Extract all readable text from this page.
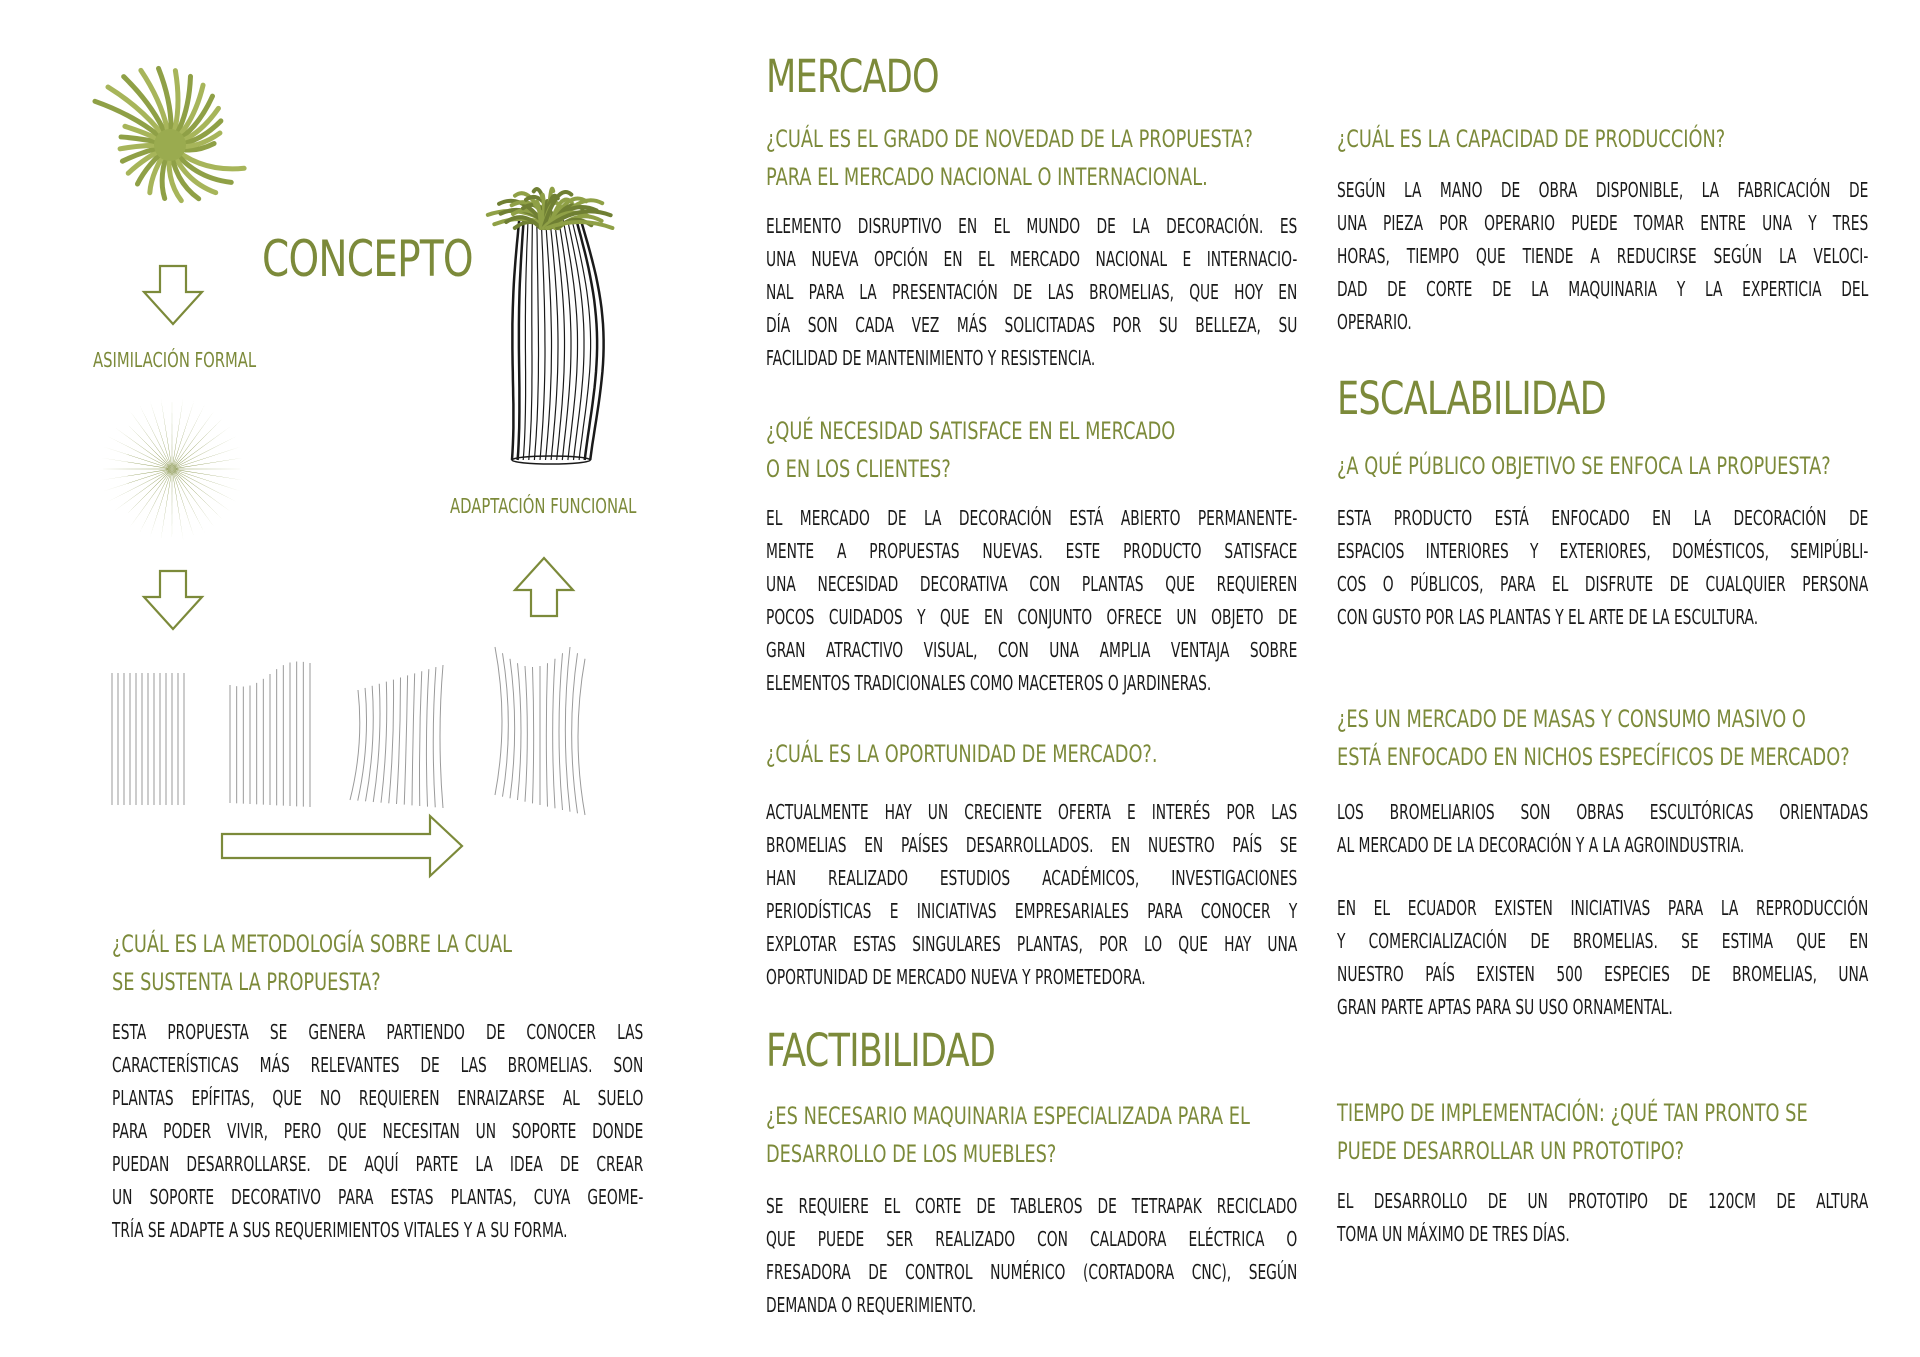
CONCEPTO
ASIMILACIÓN FORMAL
ADAPTACIÓN FUNCIONAL
¿CUÁL ES LA METODOLOGÍA SOBRE LA CUAL
SE SUSTENTA LA PROPUESTA?
ESTA PROPUESTA SE GENERA PARTIENDO DE CONOCER LAS
CARACTERÍSTICAS MÁS RELEVANTES DE LAS BROMELIAS. SON
PLANTAS EPÍFITAS, QUE NO REQUIEREN ENRAIZARSE AL SUELO
PARA PODER VIVIR, PERO QUE NECESITAN UN SOPORTE DONDE
PUEDAN DESARROLLARSE. DE AQUÍ PARTE LA IDEA DE CREAR
UN SOPORTE DECORATIVO PARA ESTAS PLANTAS, CUYA GEOME-
TRÍA SE ADAPTE A SUS REQUERIMIENTOS VITALES Y A SU FORMA.
MERCADO
¿CUÁL ES EL GRADO DE NOVEDAD DE LA PROPUESTA?
PARA EL MERCADO NACIONAL O INTERNACIONAL.
ELEMENTO DISRUPTIVO EN EL MUNDO DE LA DECORACIÓN. ES
UNA NUEVA OPCIÓN EN EL MERCADO NACIONAL E INTERNACIO-
NAL PARA LA PRESENTACIÓN DE LAS BROMELIAS, QUE HOY EN
DÍA SON CADA VEZ MÁS SOLICITADAS POR SU BELLEZA, SU
FACILIDAD DE MANTENIMIENTO Y RESISTENCIA.
¿QUÉ NECESIDAD SATISFACE EN EL MERCADO
O EN LOS CLIENTES?
EL MERCADO DE LA DECORACIÓN ESTÁ ABIERTO PERMANENTE-
MENTE A PROPUESTAS NUEVAS. ESTE PRODUCTO SATISFACE
UNA NECESIDAD DECORATIVA CON PLANTAS QUE REQUIEREN
POCOS CUIDADOS Y QUE EN CONJUNTO OFRECE UN OBJETO DE
GRAN ATRACTIVO VISUAL, CON UNA AMPLIA VENTAJA SOBRE
ELEMENTOS TRADICIONALES COMO MACETEROS O JARDINERAS.
¿CUÁL ES LA OPORTUNIDAD DE MERCADO?.
ACTUALMENTE HAY UN CRECIENTE OFERTA E INTERÉS POR LAS
BROMELIAS EN PAÍSES DESARROLLADOS. EN NUESTRO PAÍS SE
HAN REALIZADO ESTUDIOS ACADÉMICOS, INVESTIGACIONES
PERIODÍSTICAS E INICIATIVAS EMPRESARIALES PARA CONOCER Y
EXPLOTAR ESTAS SINGULARES PLANTAS, POR LO QUE HAY UNA
OPORTUNIDAD DE MERCADO NUEVA Y PROMETEDORA.
FACTIBILIDAD
¿ES NECESARIO MAQUINARIA ESPECIALIZADA PARA EL
DESARROLLO DE LOS MUEBLES?
SE REQUIERE EL CORTE DE TABLEROS DE TETRAPAK RECICLADO
QUE PUEDE SER REALIZADO CON CALADORA ELÉCTRICA O
FRESADORA DE CONTROL NUMÉRICO (CORTADORA CNC), SEGÚN
DEMANDA O REQUERIMIENTO.
¿CUÁL ES LA CAPACIDAD DE PRODUCCIÓN?
SEGÚN LA MANO DE OBRA DISPONIBLE, LA FABRICACIÓN DE
UNA PIEZA POR OPERARIO PUEDE TOMAR ENTRE UNA Y TRES
HORAS, TIEMPO QUE TIENDE A REDUCIRSE SEGÚN LA VELOCI-
DAD DE CORTE DE LA MAQUINARIA Y LA EXPERTICIA DEL
OPERARIO.
ESCALABILIDAD
¿A QUÉ PÚBLICO OBJETIVO SE ENFOCA LA PROPUESTA?
ESTA PRODUCTO ESTÁ ENFOCADO EN LA DECORACIÓN DE
ESPACIOS INTERIORES Y EXTERIORES, DOMÉSTICOS, SEMIPÚBLI-
COS O PÚBLICOS, PARA EL DISFRUTE DE CUALQUIER PERSONA
CON GUSTO POR LAS PLANTAS Y EL ARTE DE LA ESCULTURA.
¿ES UN MERCADO DE MASAS Y CONSUMO MASIVO O
ESTÁ ENFOCADO EN NICHOS ESPECÍFICOS DE MERCADO?
LOS BROMELIARIOS SON OBRAS ESCULTÓRICAS ORIENTADAS
AL MERCADO DE LA DECORACIÓN Y A LA AGROINDUSTRIA.
EN EL ECUADOR EXISTEN INICIATIVAS PARA LA REPRODUCCIÓN
Y COMERCIALIZACIÓN DE BROMELIAS. SE ESTIMA QUE EN
NUESTRO PAÍS EXISTEN 500 ESPECIES DE BROMELIAS, UNA
GRAN PARTE APTAS PARA SU USO ORNAMENTAL.
TIEMPO DE IMPLEMENTACIÓN: ¿QUÉ TAN PRONTO SE
PUEDE DESARROLLAR UN PROTOTIPO?
EL DESARROLLO DE UN PROTOTIPO DE 120CM DE ALTURA
TOMA UN MÁXIMO DE TRES DÍAS.
